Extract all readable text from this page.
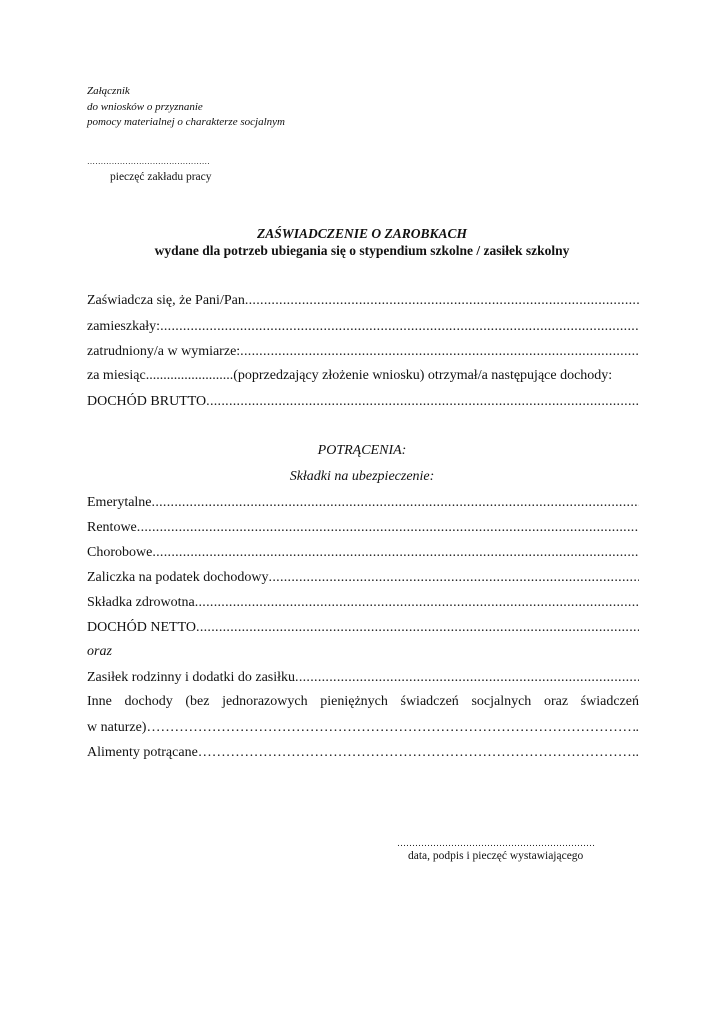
Załącznik
do wniosków o przyznanie
pomocy materialnej o charakterze socjalnym
………………………………………
pieczęć zakładu pracy
ZAŚWIADCZENIE O ZAROBKACH
wydane dla potrzeb ubiegania się o stypendium szkolne / zasiłek szkolny
Zaświadcza się, że Pani/Pan
.....
zamieszkały:
.....
zatrudniony/a w wymiarze:
.....
za miesiąc.........................(poprzedzający złożenie wniosku) otrzymał/a następujące dochody:
DOCHÓD BRUTTO
.....
POTRĄCENIA:
Składki na ubezpieczenie:
Emerytalne
.....
Rentowe
.....
Chorobowe
.....
Zaliczka na podatek dochodowy
.....
Składka zdrowotna
.....
DOCHÓD NETTO
.....
oraz
Zasiłek rodzinny i dodatki do zasiłku
.....
Inne dochody (bez jednorazowych pieniężnych świadczeń socjalnych oraz świadczeń
w naturze) …………………………………………………………………………………………………………………………………………	.
Alimenty potrącane …………………………………………………………………………………………………………………………………………	..
…………………………………………………………
data, podpis i pieczęć wystawiającego
